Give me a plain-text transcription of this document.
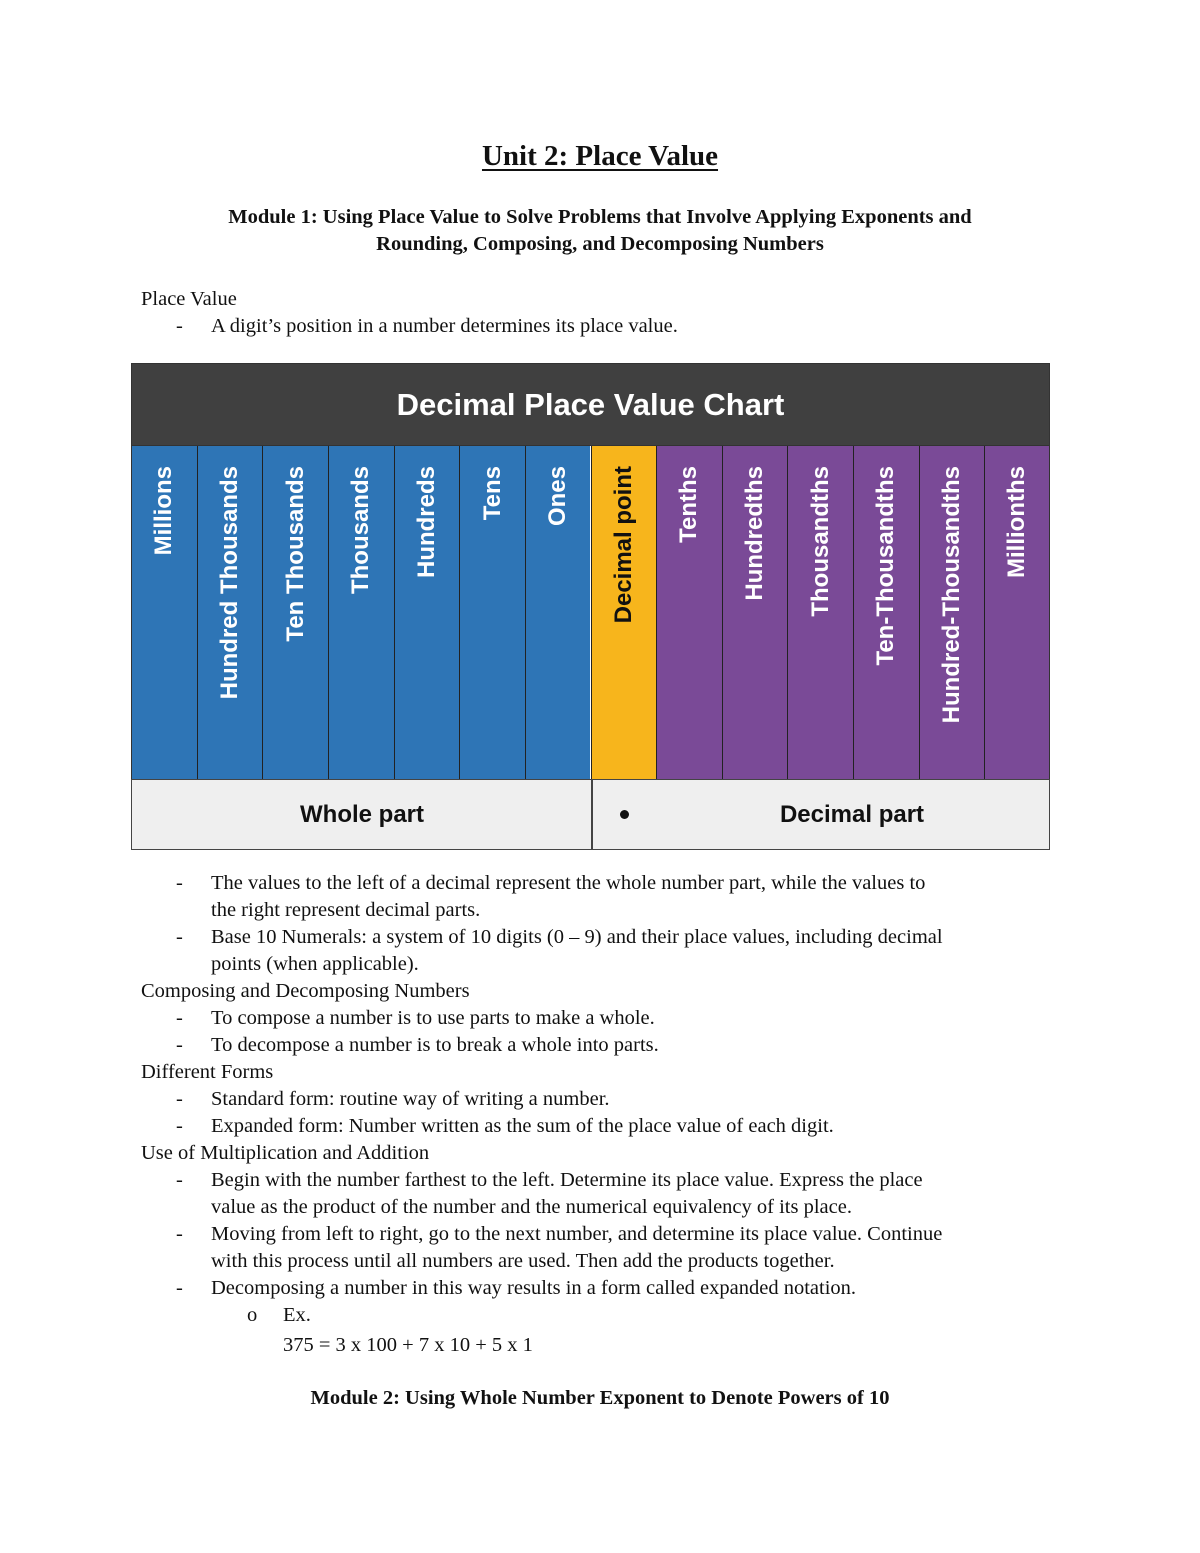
Unit 2: Place Value
Module 1: Using Place Value to Solve Problems that Involve Applying Exponents and
Rounding, Composing, and Decomposing Numbers
Place Value
- A digit’s position in a number determines its place value.
Decimal Place Value Chart
Millions Hundred Thousands Ten Thousands Thousands Hundreds Tens Ones Decimal point Tenths Hundredths Thousandths Ten-Thousandths Hundred-Thousandths Millionths
Whole part	Decimal part
- The values to the left of a decimal represent the whole number part, while the values to
the right represent decimal parts.
- Base 10 Numerals: a system of 10 digits (0 – 9) and their place values, including decimal
points (when applicable).
Composing and Decomposing Numbers
- To compose a number is to use parts to make a whole.
- To decompose a number is to break a whole into parts.
Different Forms
- Standard form: routine way of writing a number.
- Expanded form: Number written as the sum of the place value of each digit.
Use of Multiplication and Addition
- Begin with the number farthest to the left. Determine its place value. Express the place
value as the product of the number and the numerical equivalency of its place.
- Moving from left to right, go to the next number, and determine its place value. Continue
with this process until all numbers are used. Then add the products together.
- Decomposing a number in this way results in a form called expanded notation.
o Ex.
375 = 3 x 100 + 7 x 10 + 5 x 1
Module 2: Using Whole Number Exponent to Denote Powers of 10
